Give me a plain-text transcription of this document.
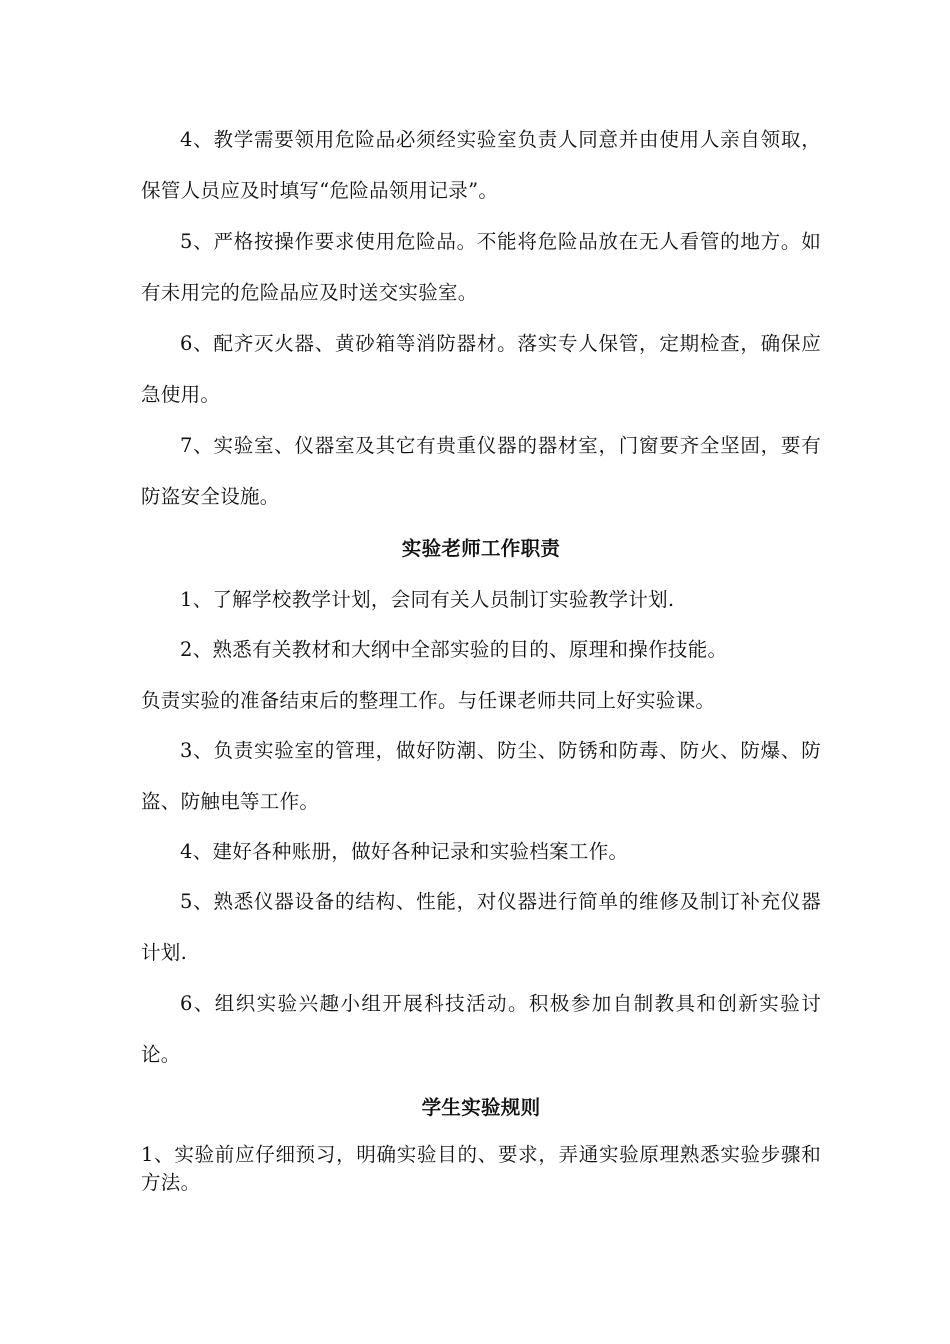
4、教学需要领用危险品必须经实验室负责人同意并由使用人亲自领取，保管人员应及时填写“危险品领用记录”。

5、严格按操作要求使用危险品。不能将危险品放在无人看管的地方。如有未用完的危险品应及时送交实验室。

6、配齐灭火器、黄砂箱等消防器材。落实专人保管，定期检查，确保应急使用。

7、实验室、仪器室及其它有贵重仪器的器材室，门窗要齐全坚固，要有防盗安全设施。

实验老师工作职责

1、了解学校教学计划，会同有关人员制订实验教学计划.

2、熟悉有关教材和大纲中全部实验的目的、原理和操作技能。

负责实验的准备结束后的整理工作。与任课老师共同上好实验课。

3、负责实验室的管理，做好防潮、防尘、防锈和防毒、防火、防爆、防盗、防触电等工作。

4、建好各种账册，做好各种记录和实验档案工作。

5、熟悉仪器设备的结构、性能，对仪器进行简单的维修及制订补充仪器计划.

6、组织实验兴趣小组开展科技活动。积极参加自制教具和创新实验讨论。

学生实验规则

1、实验前应仔细预习，明确实验目的、要求，弄通实验原理熟悉实验步骤和方法。
